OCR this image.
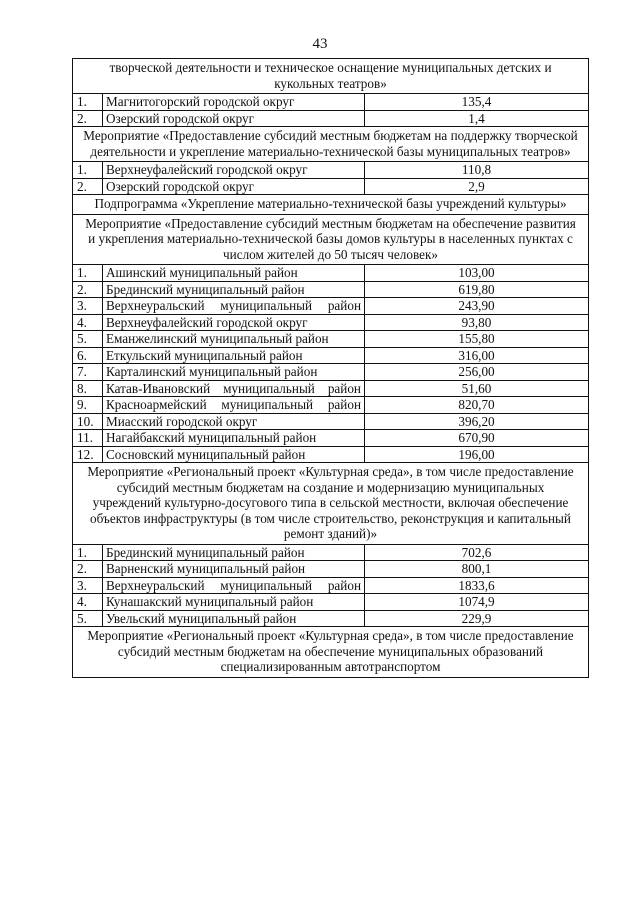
43
творческой деятельности и техническое оснащение муниципальных детских и кукольных театров»		
1.	Магнитогорский городской округ	135,4
2.	Озерский городской округ	1,4
Мероприятие «Предоставление субсидий местным бюджетам на поддержку творческой деятельности и укрепление материально-технической базы муниципальных театров»		
1.	Верхнеуфалейский городской округ	110,8
2.	Озерский городской округ	2,9
Подпрограмма «Укрепление материально-технической базы учреждений культуры»		
Мероприятие «Предоставление субсидий местным бюджетам на обеспечение развития и укрепления материально-технической базы домов культуры в населенных пунктах с числом жителей до 50 тысяч человек»		
1.	Ашинский муниципальный район	103,00
2.	Брединский муниципальный район	619,80
3.	Верхнеуральский муниципальный район	243,90
4.	Верхнеуфалейский городской округ	93,80
5.	Еманжелинский муниципальный район	155,80
6.	Еткульский муниципальный район	316,00
7.	Карталинский муниципальный район	256,00
8.	Катав-Ивановский муниципальный район	51,60
9.	Красноармейский муниципальный район	820,70
10.	Миасский городской округ	396,20
11.	Нагайбакский муниципальный район	670,90
12.	Сосновский муниципальный район	196,00
Мероприятие «Региональный проект «Культурная среда», в том числе предоставление субсидий местным бюджетам на создание и модернизацию муниципальных учреждений культурно-досугового типа в сельской местности, включая обеспечение объектов инфраструктуры (в том числе строительство, реконструкция и капитальный ремонт зданий)»		
1.	Брединский муниципальный район	702,6
2.	Варненский муниципальный район	800,1
3.	Верхнеуральский муниципальный район	1833,6
4.	Кунашакский муниципальный район	1074,9
5.	Увельский муниципальный район	229,9
Мероприятие «Региональный проект «Культурная среда», в том числе предоставление субсидий местным бюджетам на обеспечение муниципальных образований специализированным автотранспортом		
